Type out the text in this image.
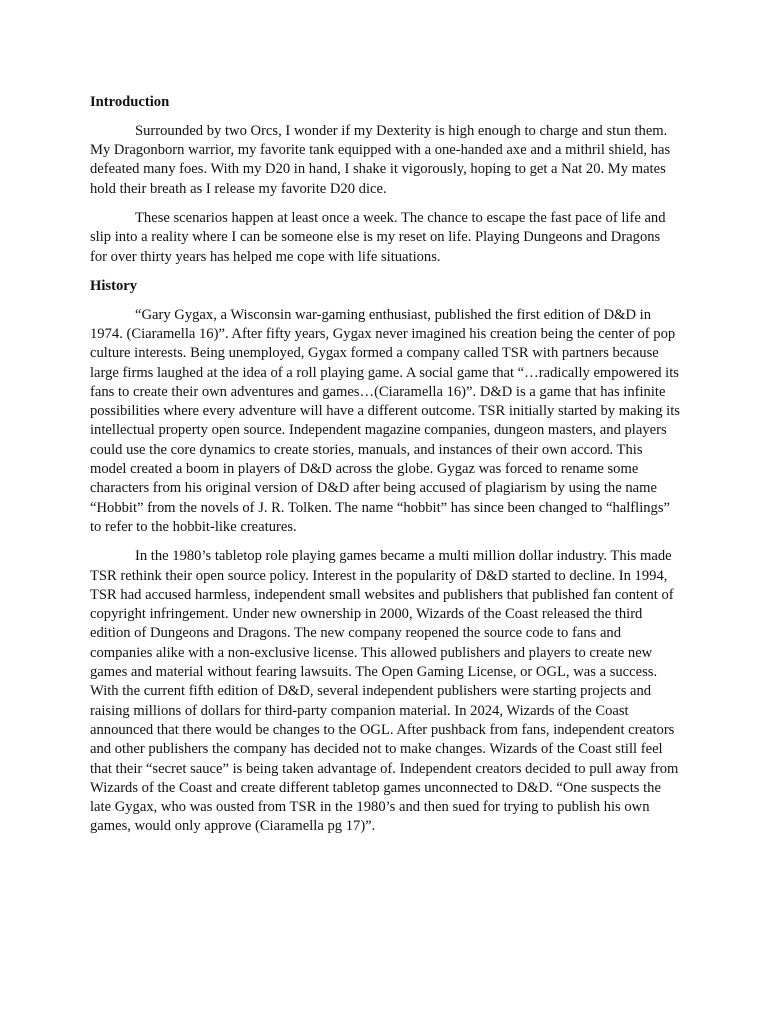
Introduction

Surrounded by two Orcs, I wonder if my Dexterity is high enough to charge and stun them. My Dragonborn warrior, my favorite tank equipped with a one-handed axe and a mithril shield, has defeated many foes. With my D20 in hand, I shake it vigorously, hoping to get a Nat 20. My mates hold their breath as I release my favorite D20 dice.

These scenarios happen at least once a week. The chance to escape the fast pace of life and slip into a reality where I can be someone else is my reset on life. Playing Dungeons and Dragons for over thirty years has helped me cope with life situations.

History

“Gary Gygax, a Wisconsin war-gaming enthusiast, published the first edition of D&D in 1974. (Ciaramella 16)”. After fifty years, Gygax never imagined his creation being the center of pop culture interests. Being unemployed, Gygax formed a company called TSR with partners because large firms laughed at the idea of a roll playing game. A social game that “…radically empowered its fans to create their own adventures and games…(Ciaramella 16)”. D&D is a game that has infinite possibilities where every adventure will have a different outcome. TSR initially started by making its intellectual property open source. Independent magazine companies, dungeon masters, and players could use the core dynamics to create stories, manuals, and instances of their own accord. This model created a boom in players of D&D across the globe. Gygaz was forced to rename some characters from his original version of D&D after being accused of plagiarism by using the name “Hobbit” from the novels of J. R. Tolken. The name “hobbit” has since been changed to “halflings” to refer to the hobbit-like creatures.

In the 1980’s tabletop role playing games became a multi million dollar industry. This made TSR rethink their open source policy. Interest in the popularity of D&D started to decline. In 1994, TSR had accused harmless, independent small websites and publishers that published fan content of copyright infringement. Under new ownership in 2000, Wizards of the Coast released the third edition of Dungeons and Dragons. The new company reopened the source code to fans and companies alike with a non-exclusive license. This allowed publishers and players to create new games and material without fearing lawsuits. The Open Gaming License, or OGL, was a success. With the current fifth edition of D&D, several independent publishers were starting projects and raising millions of dollars for third-party companion material. In 2024, Wizards of the Coast announced that there would be changes to the OGL. After pushback from fans, independent creators and other publishers the company has decided not to make changes. Wizards of the Coast still feel that their “secret sauce” is being taken advantage of. Independent creators decided to pull away from Wizards of the Coast and create different tabletop games unconnected to D&D. “One suspects the late Gygax, who was ousted from TSR in the 1980’s and then sued for trying to publish his own games, would only approve (Ciaramella pg 17)”.
